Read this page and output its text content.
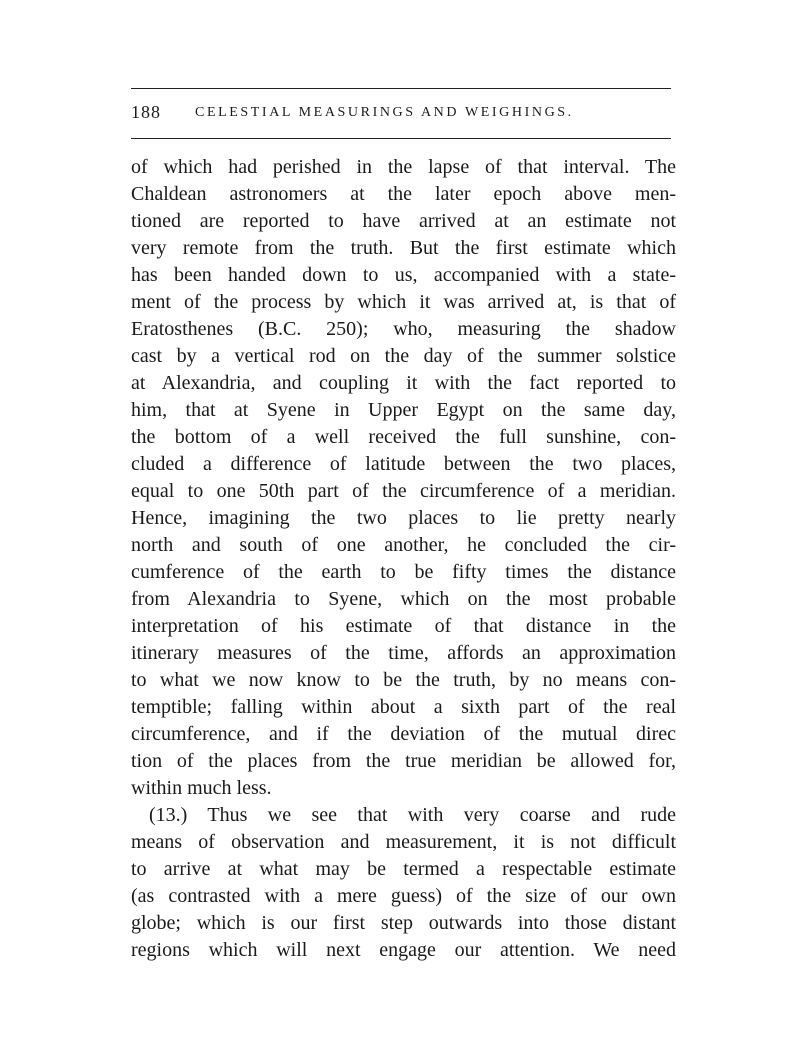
188 CELESTIAL MEASURINGS AND WEIGHINGS.
of which had perished in the lapse of that interval. The
Chaldean astronomers at the later epoch above men-
tioned are reported to have arrived at an estimate not
very remote from the truth. But the first estimate which
has been handed down to us, accompanied with a state-
ment of the process by which it was arrived at, is that of
Eratosthenes (B.C. 250); who, measuring the shadow
cast by a vertical rod on the day of the summer solstice
at Alexandria, and coupling it with the fact reported to
him, that at Syene in Upper Egypt on the same day,
the bottom of a well received the full sunshine, con-
cluded a difference of latitude between the two places,
equal to one 50th part of the circumference of a meridian.
Hence, imagining the two places to lie pretty nearly
north and south of one another, he concluded the cir-
cumference of the earth to be fifty times the distance
from Alexandria to Syene, which on the most probable
interpretation of his estimate of that distance in the
itinerary measures of the time, affords an approximation
to what we now know to be the truth, by no means con-
temptible; falling within about a sixth part of the real
circumference, and if the deviation of the mutual direc
tion of the places from the true meridian be allowed for,
within much less.
(13.) Thus we see that with very coarse and rude
means of observation and measurement, it is not difficult
to arrive at what may be termed a respectable estimate
(as contrasted with a mere guess) of the size of our own
globe; which is our first step outwards into those distant
regions which will next engage our attention. We need
